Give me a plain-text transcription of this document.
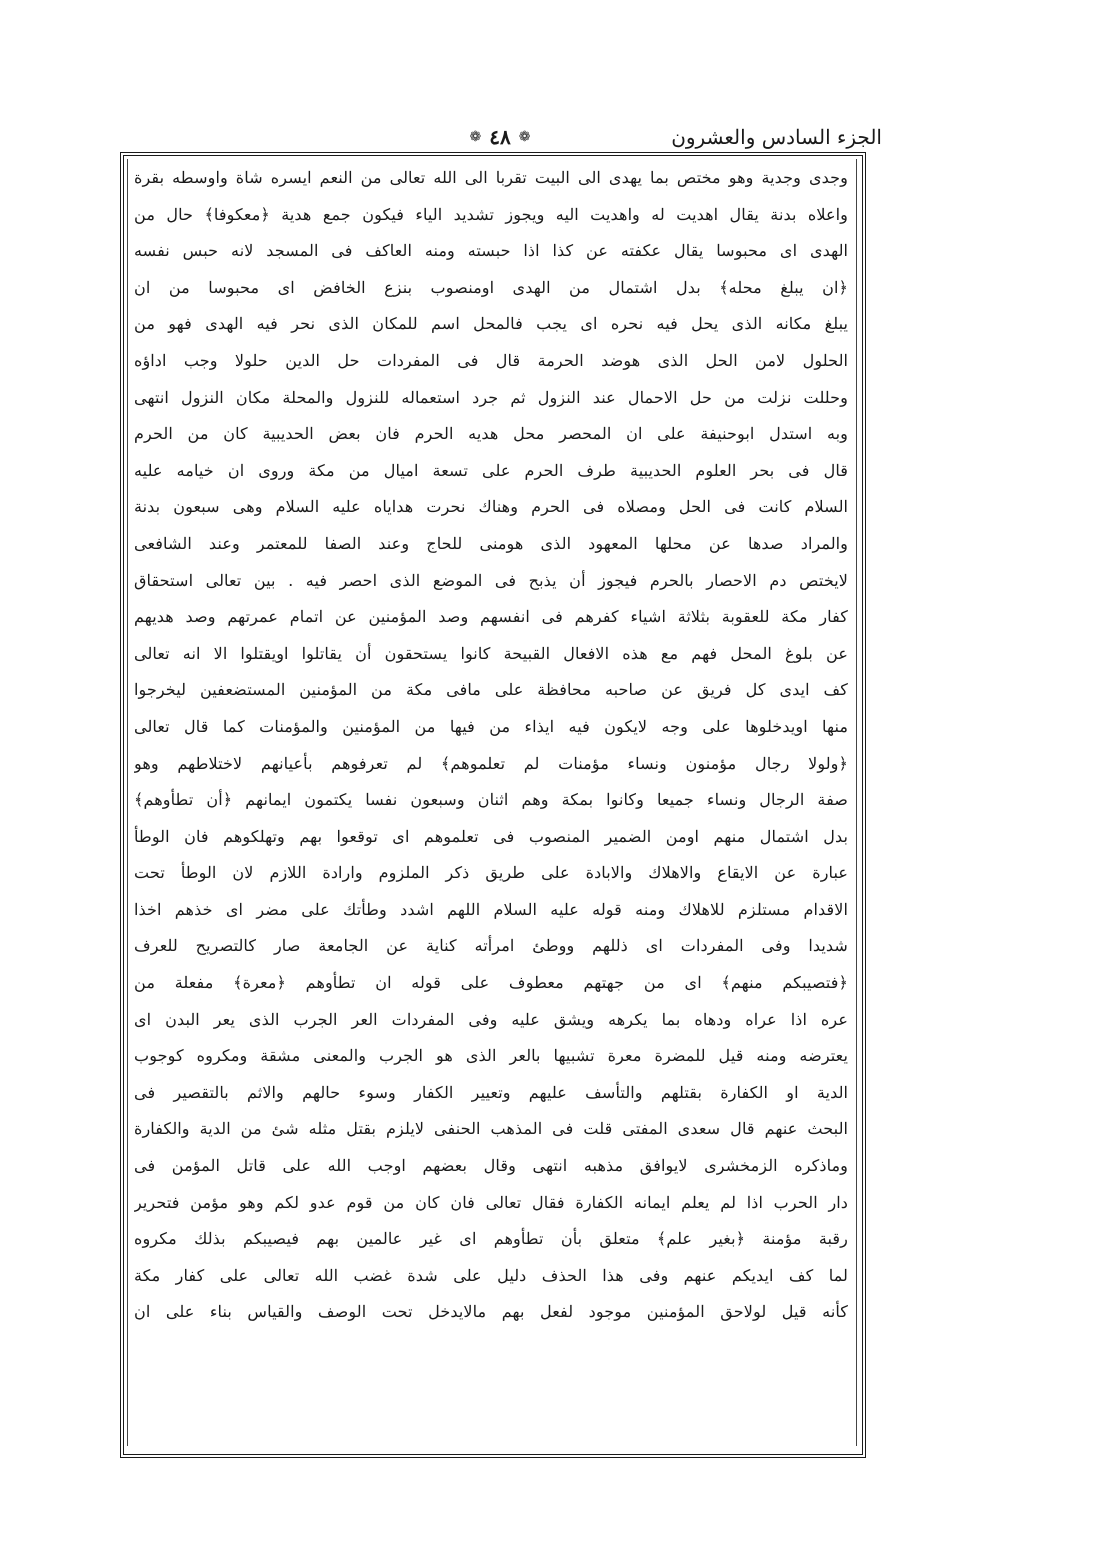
الجزء السادس والعشرون
❁ ٤٨ ❁
وجدى وجدية وهو مختص بما يهدى الى البيت تقربا الى الله تعالى من النعم ايسره شاة واوسطه بقرة
واعلاه بدنة يقال اهديت له واهديت اليه ويجوز تشديد الياء فيكون جمع هدية ﴿معكوفا﴾ حال من
الهدى اى محبوسا يقال عكفته عن كذا اذا حبسته ومنه العاكف فى المسجد لانه حبس نفسه
﴿ان يبلغ محله﴾ بدل اشتمال من الهدى اومنصوب بنزع الخافض اى محبوسا من ان
يبلغ مكانه الذى يحل فيه نحره اى يجب فالمحل اسم للمكان الذى نحر فيه الهدى فهو من
الحلول لامن الحل الذى هوضد الحرمة قال فى المفردات حل الدين حلولا وجب اداؤه
وحللت نزلت من حل الاحمال عند النزول ثم جرد استعماله للنزول والمحلة مكان النزول انتهى
وبه استدل ابوحنيفة على ان المحصر محل هديه الحرم فان بعض الحديبية كان من الحرم
قال فى بحر العلوم الحديبية طرف الحرم على تسعة اميال من مكة وروى ان خيامه عليه
السلام كانت فى الحل ومصلاه فى الحرم وهناك نحرت هداياه عليه السلام وهى سبعون بدنة
والمراد صدها عن محلها المعهود الذى هومنى للحاج وعند الصفا للمعتمر وعند الشافعى
لايختص دم الاحصار بالحرم فيجوز أن يذبح فى الموضع الذى احصر فيه . بين تعالى استحقاق
كفار مكة للعقوبة بثلاثة اشياء كفرهم فى انفسهم وصد المؤمنين عن اتمام عمرتهم وصد هديهم
عن بلوغ المحل فهم مع هذه الافعال القبيحة كانوا يستحقون أن يقاتلوا اويقتلوا الا انه تعالى
كف ايدى كل فريق عن صاحبه محافظة على مافى مكة من المؤمنين المستضعفين ليخرجوا
منها اويدخلوها على وجه لايكون فيه ايذاء من فيها من المؤمنين والمؤمنات كما قال تعالى
﴿ولولا رجال مؤمنون ونساء مؤمنات لم تعلموهم﴾ لم تعرفوهم بأعيانهم لاختلاطهم وهو
صفة الرجال ونساء جميعا وكانوا بمكة وهم اثنان وسبعون نفسا يكتمون ايمانهم ﴿أن تطأوهم﴾
بدل اشتمال منهم اومن الضمير المنصوب فى تعلموهم اى توقعوا بهم وتهلكوهم فان الوطأ
عبارة عن الايقاع والاهلاك والابادة على طريق ذكر الملزوم وارادة اللازم لان الوطأ تحت
الاقدام مستلزم للاهلاك ومنه قوله عليه السلام اللهم اشدد وطأتك على مضر اى خذهم اخذا
شديدا وفى المفردات اى ذللهم ووطئ امرأته كناية عن الجامعة صار كالتصريح للعرف
﴿فتصيبكم منهم﴾ اى من جهتهم معطوف على قوله ان تطأوهم ﴿معرة﴾ مفعلة من
عره اذا عراه ودهاه بما يكرهه ويشق عليه وفى المفردات العر الجرب الذى يعر البدن اى
يعترضه ومنه قيل للمضرة معرة تشبيها بالعر الذى هو الجرب والمعنى مشقة ومكروه كوجوب
الدية او الكفارة بقتلهم والتأسف عليهم وتعيير الكفار وسوء حالهم والاثم بالتقصير فى
البحث عنهم قال سعدى المفتى قلت فى المذهب الحنفى لايلزم بقتل مثله شئ من الدية والكفارة
وماذكره الزمخشرى لايوافق مذهبه انتهى وقال بعضهم اوجب الله على قاتل المؤمن فى
دار الحرب اذا لم يعلم ايمانه الكفارة فقال تعالى فان كان من قوم عدو لكم وهو مؤمن فتحرير
رقبة مؤمنة ﴿بغير علم﴾ متعلق بأن تطأوهم اى غير عالمين بهم فيصيبكم بذلك مكروه
لما كف ايديكم عنهم وفى هذا الحذف دليل على شدة غضب الله تعالى على كفار مكة
كأنه قيل لولاحق المؤمنين موجود لفعل بهم مالايدخل تحت الوصف والقياس بناء على ان
